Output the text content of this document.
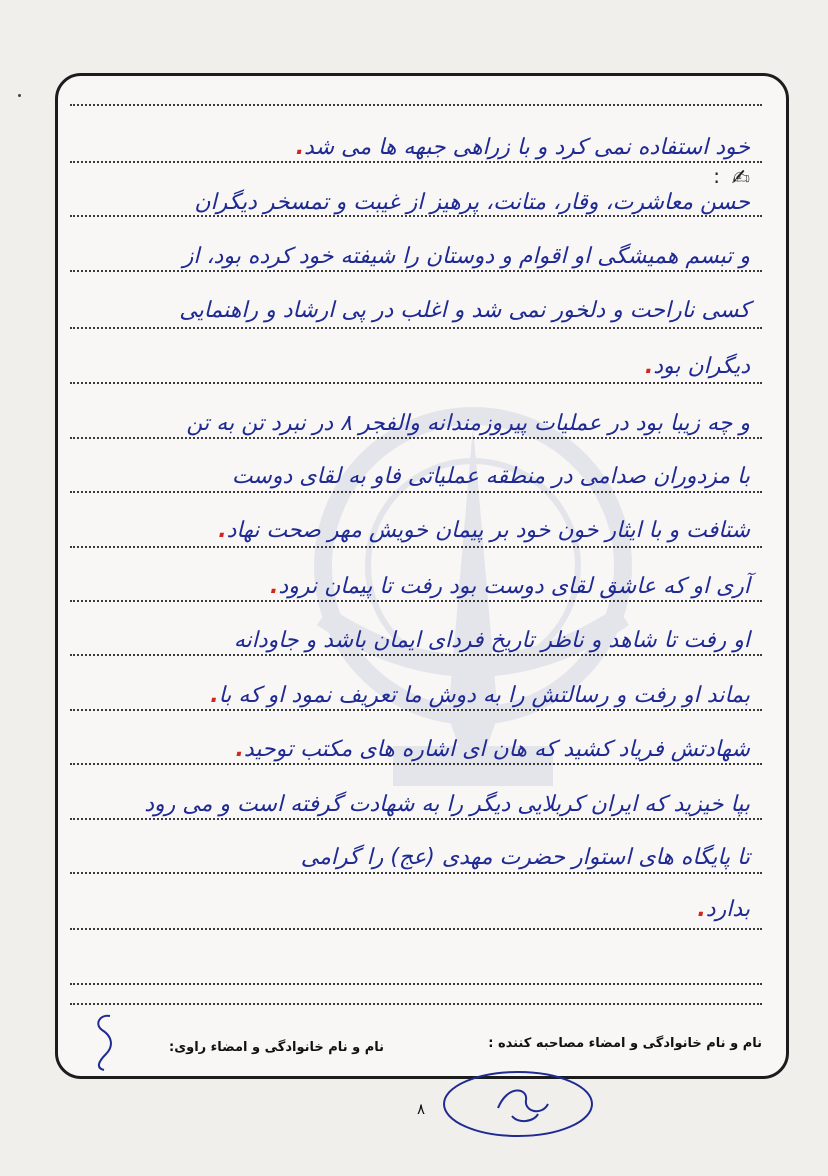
✍
:
خود استفاده نمی کرد و با زراهی جبهه ها می شد.
حسن معاشرت، وقار، متانت، پرهیز از غیبت و تمسخر دیگران
و تبسم همیشگی او اقوام و دوستان را شیفته خود کرده بود، از
کسی ناراحت و دلخور نمی شد و اغلب در پی ارشاد و راهنمایی
دیگران بود.
و چه زیبا بود در عملیات پیروزمندانه والفجر ۸ در نبرد تن به تن
با مزدوران صدامی در منطقه عملیاتی فاو به لقای دوست
شتافت و با ایثار خون خود بر پیمان خویش مهر صحت نهاد.
آری او که عاشق لقای دوست بود رفت تا پیمان نرود.
او رفت تا شاهد و ناظر تاریخ فردای ایمان باشد و جاودانه
بماند او رفت و رسالتش را به دوش ما تعریف نمود او که با.
شهادتش فریاد کشید که هان ای اشاره های مکتب توحید.
بپا خیزید که ایران کربلایی دیگر را به شهادت گرفته است و می رود
تا پایگاه های استوار حضرت مهدی (عج) را گرامی
بدارد.
نام و نام خانوادگی و امضاء مصاحبه کننده :
نام و نام خانوادگی و امضاء راوی:
۸
